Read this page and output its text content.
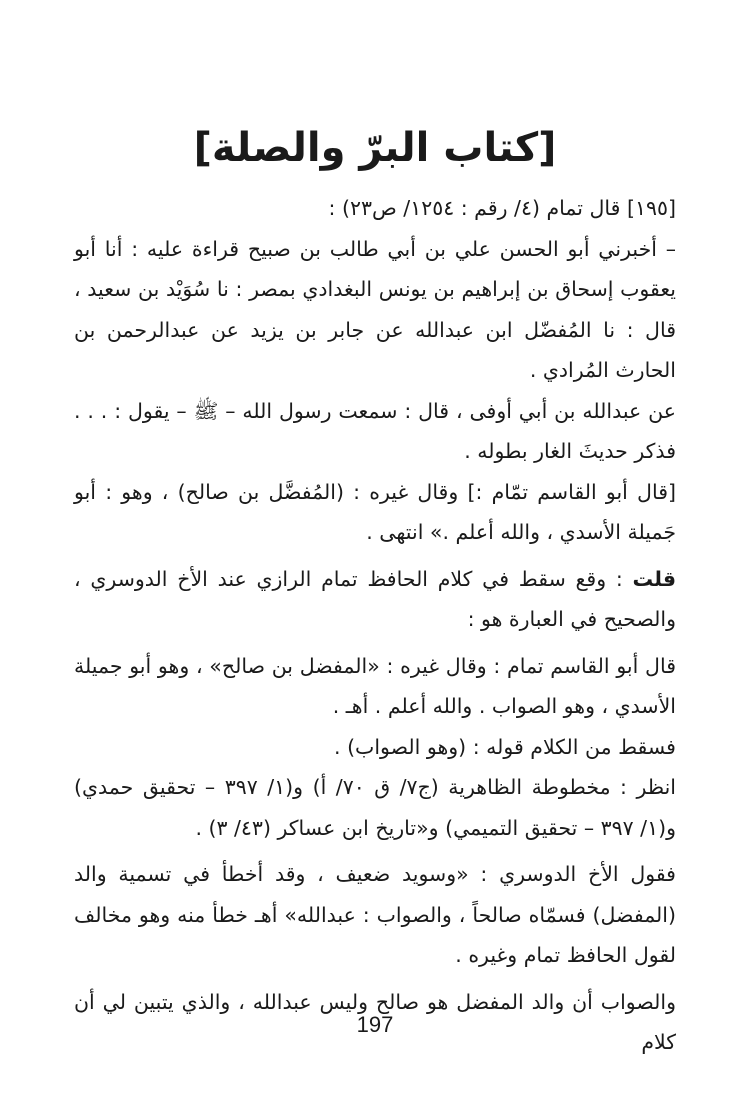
[كتاب البرّ والصلة]

[١٩٥] قال تمام (٤/ رقم : ١٢٥٤/ ص٢٣) :

– أخبرني أبو الحسن علي بن أبي طالب بن صبيح قراءة عليه : أنا أبو يعقوب إسحاق بن إبراهيم بن يونس البغدادي بمصر : نا سُوَيْد بن سعيد ، قال : نا المُفضّل ابن عبدالله عن جابر بن يزيد عن عبدالرحمن بن الحارث المُرادي .

عن عبدالله بن أبي أوفى ، قال : سمعت رسول الله – ﷺ – يقول : . . . فذكر حديثَ الغار بطوله .

[قال أبو القاسم تمّام :] وقال غيره : (المُفضَّل بن صالح) ، وهو : أبو جَميلة الأسدي ، والله أعلم .» انتهى .

قلت : وقع سقط في كلام الحافظ تمام الرازي عند الأخ الدوسري ، والصحيح في العبارة هو :

قال أبو القاسم تمام : وقال غيره : «المفضل بن صالح» ، وهو أبو جميلة الأسدي ، وهو الصواب . والله أعلم . أهـ .

فسقط من الكلام قوله : (وهو الصواب) .

انظر : مخطوطة الظاهرية (ج٧/ ق ٧٠/ أ) و(١/ ٣٩٧ – تحقيق حمدي) و(١/ ٣٩٧ – تحقيق التميمي) و«تاريخ ابن عساكر (٤٣/ ٣) .

فقول الأخ الدوسري : «وسويد ضعيف ، وقد أخطأ في تسمية والد (المفضل) فسمّاه صالحاً ، والصواب : عبدالله» أهـ خطأ منه وهو مخالف لقول الحافظ تمام وغيره .

والصواب أن والد المفضل هو صالح وليس عبدالله ، والذي يتبين لي أن كلام

197
